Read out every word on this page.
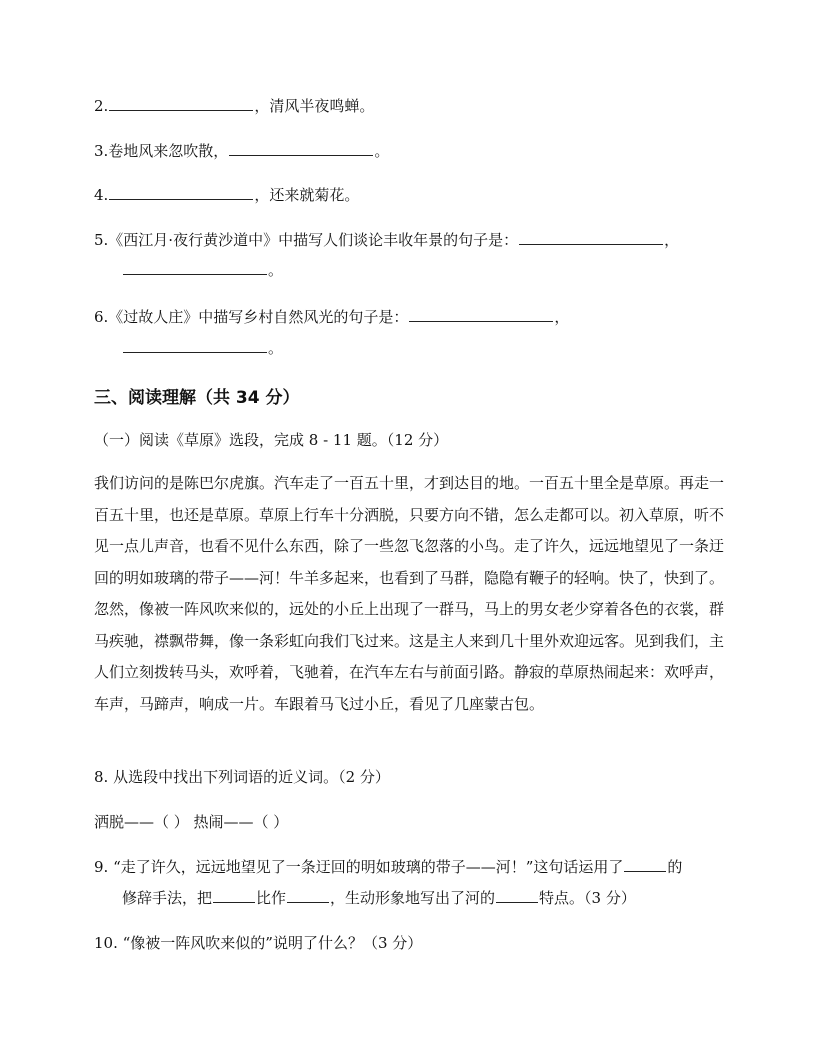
2.	，清风半夜鸣蝉。
3.卷地风来忽吹散，	。
4.	，还来就菊花。
5.《西江月·夜行黄沙道中》中描写人们谈论丰收年景的句子是：	，
。
6.《过故人庄》中描写乡村自然风光的句子是：	，
。
三、阅读理解（共 34 分）
（一）阅读《草原》选段，完成 8 - 11 题。（12 分）
我们访问的是陈巴尔虎旗。汽车走了一百五十里，才到达目的地。一百五十里全是草原。再走一百五十里，也还是草原。草原上行车十分洒脱，只要方向不错，怎么走都可以。初入草原，听不见一点儿声音，也看不见什么东西，除了一些忽飞忽落的小鸟。走了许久，远远地望见了一条迂回的明如玻璃的带子——河！牛羊多起来，也看到了马群，隐隐有鞭子的轻响。快了，快到了。忽然，像被一阵风吹来似的，远处的小丘上出现了一群马，马上的男女老少穿着各色的衣裳，群马疾驰，襟飘带舞，像一条彩虹向我们飞过来。这是主人来到几十里外欢迎远客。见到我们，主人们立刻拨转马头，欢呼着，飞驰着，在汽车左右与前面引路。静寂的草原热闹起来：欢呼声，车声，马蹄声，响成一片。车跟着马飞过小丘，看见了几座蒙古包。
8. 从选段中找出下列词语的近义词。（2 分）
洒脱——（ ） 热闹——（ ）
9. “走了许久，远远地望见了一条迂回的明如玻璃的带子——河！”这句话运用了	的
修辞手法，把	比作	，生动形象地写出了河的	特点。（3 分）
10. “像被一阵风吹来似的”说明了什么？（3 分）
